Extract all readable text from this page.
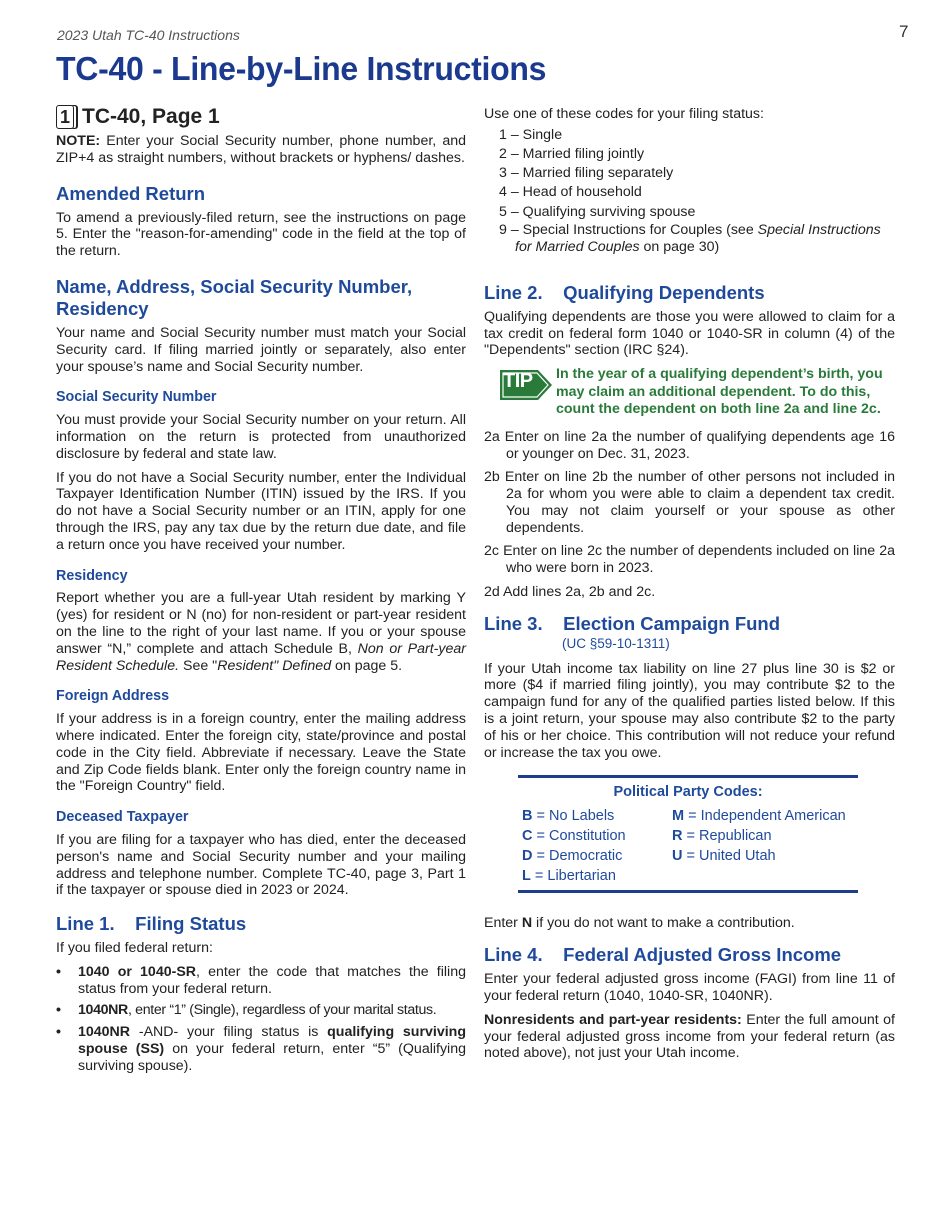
2023 Utah TC-40 Instructions	7
TC-40 - Line-by-Line Instructions
1 TC-40, Page 1

NOTE: Enter your Social Security number, phone number, and ZIP+4 as straight numbers, without brackets or hyphens/ dashes.

Amended Return

To amend a previously-filed return, see the instructions on page 5. Enter the "reason-for-amending" code in the field at the top of the return.

Name, Address, Social Security Number, Residency

Your name and Social Security number must match your Social Security card. If filing married jointly or separately, also enter your spouse’s name and Social Security number.

Social Security Number

You must provide your Social Security number on your return. All information on the return is protected from unauthorized disclosure by federal and state law.

If you do not have a Social Security number, enter the Individual Taxpayer Identification Number (ITIN) issued by the IRS. If you do not have a Social Security number or an ITIN, apply for one through the IRS, pay any tax due by the return due date, and file a return once you have received your number.

Residency

Report whether you are a full-year Utah resident by marking Y (yes) for resident or N (no) for non-resident or part-year resident on the line to the right of your last name. If you or your spouse answer “N,” complete and attach Schedule B, Non or Part-year Resident Schedule. See "Resident" Defined on page 5.

Foreign Address

If your address is in a foreign country, enter the mailing address where indicated. Enter the foreign city, state/province and postal code in the City field. Abbreviate if necessary. Leave the State and Zip Code fields blank. Enter only the foreign country name in the "Foreign Country" field.

Deceased Taxpayer

If you are filing for a taxpayer who has died, enter the deceased person's name and Social Security number and your mailing address and telephone number. Complete TC-40, page 3, Part 1 if the taxpayer or spouse died in 2023 or 2024.

Line 1.    Filing Status

If you filed federal return:

•	1040 or 1040-SR, enter the code that matches the filing status from your federal return.
•	1040NR, enter “1” (Single), regardless of your marital status.
•	1040NR -AND- your filing status is qualifying surviving spouse (SS) on your federal return, enter “5” (Qualifying surviving spouse).

Use one of these codes for your filing status:

1 – Single
2 – Married filing jointly
3 – Married filing separately
4 – Head of household
5 – Qualifying surviving spouse
9 – Special Instructions for Couples (see Special Instructions for Married Couples on page 30)
Line 2.    Qualifying Dependents

Qualifying dependents are those you were allowed to claim for a tax credit on federal form 1040 or 1040-SR in column (4) of the "Dependents" section (IRC §24).

TIP In the year of a qualifying dependent’s birth, you may claim an additional dependent. To do this, count the dependent on both line 2a and line 2c.
2a Enter on line 2a the number of qualifying dependents age 16 or younger on Dec. 31, 2023.
2b Enter on line 2b the number of other persons not included in 2a for whom you were able to claim a dependent tax credit. You may not claim yourself or your spouse as other dependents.
2c Enter on line 2c the number of dependents included on line 2a who were born in 2023.
2d Add lines 2a, 2b and 2c.
Line 3.    Election Campaign Fund
(UC §59-10-1311)

If your Utah income tax liability on line 27 plus line 30 is $2 or more ($4 if married filing jointly), you may contribute $2 to the campaign fund for any of the qualified parties listed below. If this is a joint return, your spouse may also contribute $2 to the party of his or her choice. This contribution will not reduce your refund or increase the tax you owe.

Political Party Codes:
B = No Labels	M = Independent American
C = Constitution	R = Republican
D = Democratic	U = United Utah
L = Libertarian	

Enter N if you do not want to make a contribution.

Line 4.    Federal Adjusted Gross Income

Enter your federal adjusted gross income (FAGI) from line 11 of your federal return (1040, 1040-SR, 1040NR).

Nonresidents and part-year residents: Enter the full amount of your federal adjusted gross income from your federal return (as noted above), not just your Utah income.
